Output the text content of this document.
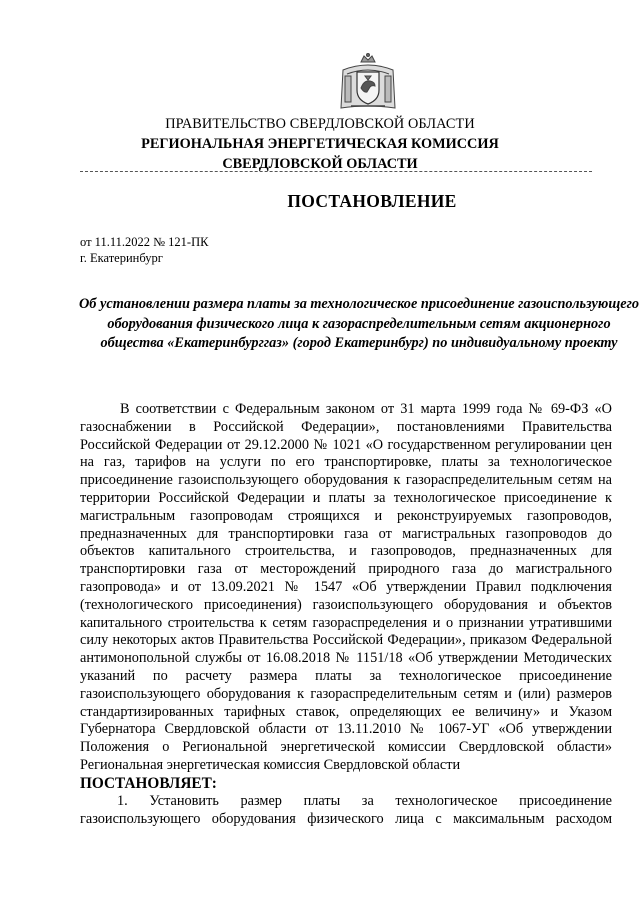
ПРАВИТЕЛЬСТВО СВЕРДЛОВСКОЙ ОБЛАСТИ
РЕГИОНАЛЬНАЯ ЭНЕРГЕТИЧЕСКАЯ КОМИССИЯ
СВЕРДЛОВСКОЙ ОБЛАСТИ
ПОСТАНОВЛЕНИЕ
от 11.11.2022 № 121-ПК
г. Екатеринбург
Об установлении размера платы за технологическое присоединение газоиспользующего оборудования физического лица к газораспределительным сетям акционерного общества «Екатеринбурггаз» (город Екатеринбург) по индивидуальному проекту

В соответствии с Федеральным законом от 31 марта 1999 года № 69-ФЗ «О газоснабжении в Российской Федерации», постановлениями Правительства Российской Федерации от 29.12.2000 № 1021 «О государственном регулировании цен на газ, тарифов на услуги по его транспортировке, платы за технологическое присоединение газоиспользующего оборудования к газораспределительным сетям на территории Российской Федерации и платы за технологическое присоединение к магистральным газопроводам строящихся и реконструируемых газопроводов, предназначенных для транспортировки газа от магистральных газопроводов до объектов капитального строительства, и газопроводов, предназначенных для транспортировки газа от месторождений природного газа до магистрального газопровода» и от 13.09.2021 № 1547 «Об утверждении Правил подключения (технологического присоединения) газоиспользующего оборудования и объектов капитального строительства к сетям газораспределения и о признании утратившими силу некоторых актов Правительства Российской Федерации», приказом Федеральной антимонопольной службы от 16.08.2018 № 1151/18 «Об утверждении Методических указаний по расчету размера платы за технологическое присоединение газоиспользующего оборудования к газораспределительным сетям и (или) размеров стандартизированных тарифных ставок, определяющих ее величину» и Указом Губернатора Свердловской области от 13.11.2010 № 1067-УГ «Об утверждении Положения о Региональной энергетической комиссии Свердловской области» Региональная энергетическая комиссия Свердловской области

ПОСТАНОВЛЯЕТ:

1. Установить размер платы за технологическое присоединение газоиспользующего оборудования физического лица с максимальным расходом
